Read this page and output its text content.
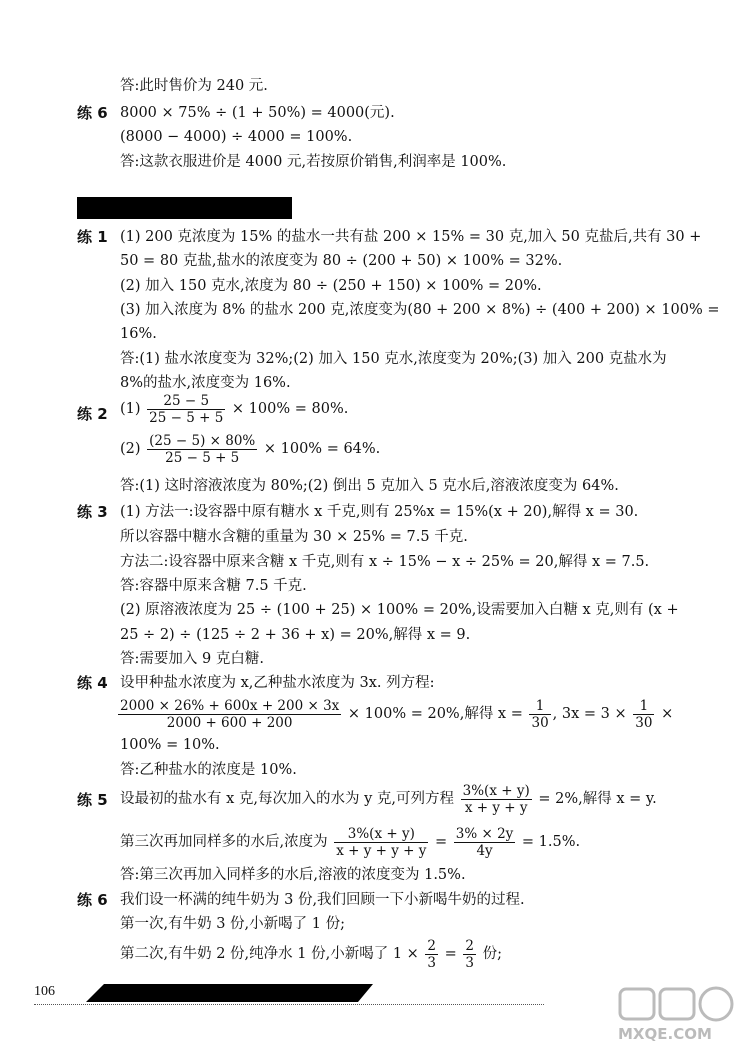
答:此时售价为 240 元.
练 6 8000 × 75% ÷ (1 + 50%) = 4000(元).
(8000 − 4000) ÷ 4000 = 100%.
答:这款衣服进价是 4000 元,若按原价销售,利润率是 100%.
练 1 (1) 200 克浓度为 15% 的盐水一共有盐 200 × 15% = 30 克,加入 50 克盐后,共有 30 +
50 = 80 克盐,盐水的浓度变为 80 ÷ (200 + 50) × 100% = 32%.
(2) 加入 150 克水,浓度为 80 ÷ (250 + 150) × 100% = 20%.
(3) 加入浓度为 8% 的盐水 200 克,浓度变为(80 + 200 × 8%) ÷ (400 + 200) × 100% =
16%.
答:(1) 盐水浓度变为 32%;(2) 加入 150 克水,浓度变为 20%;(3) 加入 200 克盐水为
8%的盐水,浓度变为 16%.
练 2 $(1) \frac{25 - 5}{25 - 5 + 5} \times 100\% = 80\%$.
$(2) \frac{(25 - 5) \times 80\%}{25 - 5 + 5} \times 100\% = 64\%$.
答:(1) 这时溶液浓度为 80%;(2) 倒出 5 克加入 5 克水后,溶液浓度变为 64%.
练 3 (1) 方法一:设容器中原有糖水 x 千克,则有 25%x = 15%(x + 20),解得 x = 30.
所以容器中糖水含糖的重量为 30 × 25% = 7.5 千克.
方法二:设容器中原来含糖 x 千克,则有 x ÷ 15% − x ÷ 25% = 20,解得 x = 7.5.
答:容器中原来含糖 7.5 千克.
(2) 原溶液浓度为 25 ÷ (100 + 25) × 100% = 20%,设需要加入白糖 x 克,则有 (x +
25 ÷ 2) ÷ (125 ÷ 2 + 36 + x) = 20%,解得 x = 9.
答:需要加入 9 克白糖.
练 4 设甲种盐水浓度为 x,乙种盐水浓度为 3x. 列方程:
$\frac{2000 \times 26\% + 600x + 200 \times 3x}{2000 + 600 + 200} \times 100\% = 20\%$,解得 $x = \frac{1}{30}$ , $3x = 3 \times \frac{1}{30}$ ×
100% = 10%.
答:乙种盐水的浓度是 10%.
练 5 设最初的盐水有 x 克,每次加入的水为 y 克,可列方程 $\frac{3\%(x + y)}{x + y + y} = 2\%$,解得 x = y.
第三次再加同样多的水后,浓度为 $\frac{3\%(x + y)}{x + y + y + y} = \frac{3\% \times 2y}{4y} = 1.5\%$.
答:第三次再加入同样多的水后,溶液的浓度变为 1.5%.
练 6 我们设一杯满的纯牛奶为 3 份,我们回顾一下小新喝牛奶的过程.
第一次,有牛奶 3 份,小新喝了 1 份;
第二次,有牛奶 2 份,纯净水 1 份,小新喝了 $1 \times \frac{2}{3} = \frac{2}{3}$ 份;
106
MXQE.COM
